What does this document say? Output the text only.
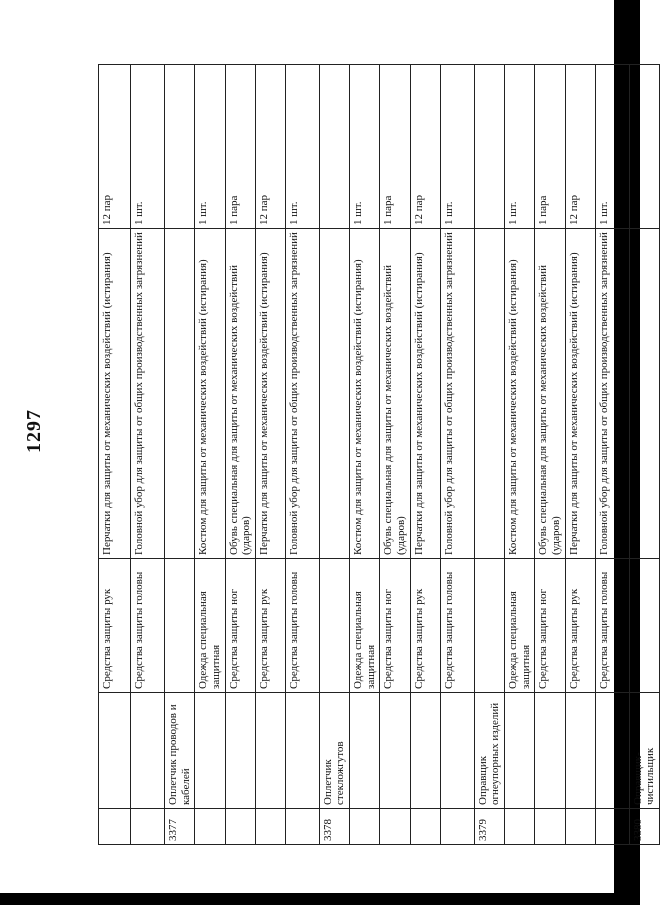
1297
		Средства защиты рук	Перчатки для защиты от механических воздействий (истирания)	12 пар
		Средства защиты головы	Головной убор для защиты от общих производственных загрязнений	1 шт.
3377	Оплетчик проводов и кабелей			
		Одежда специальная защитная	Костюм для защиты от механических воздействий (истирания)	1 шт.
		Средства защиты ног	Обувь специальная для защиты от механических воздействий (ударов)	1 пара
		Средства защиты рук	Перчатки для защиты от механических воздействий (истирания)	12 пар
		Средства защиты головы	Головной убор для защиты от общих производственных загрязнений	1 шт.
3378	Оплетчик стекложгутов			
		Одежда специальная защитная	Костюм для защиты от механических воздействий (истирания)	1 шт.
		Средства защиты ног	Обувь специальная для защиты от механических воздействий (ударов)	1 пара
		Средства защиты рук	Перчатки для защиты от механических воздействий (истирания)	12 пар
		Средства защиты головы	Головной убор для защиты от общих производственных загрязнений	1 шт.
3379	Оправщик огнеупорных изделий			
		Одежда специальная защитная	Костюм для защиты от механических воздействий (истирания)	1 шт.
		Средства защиты ног	Обувь специальная для защиты от механических воздействий (ударов)	1 пара
		Средства защиты рук	Перчатки для защиты от механических воздействий (истирания)	12 пар
		Средства защиты головы	Головной убор для защиты от общих производственных загрязнений	1 шт.
3380	Оправщик-чистильщик			
